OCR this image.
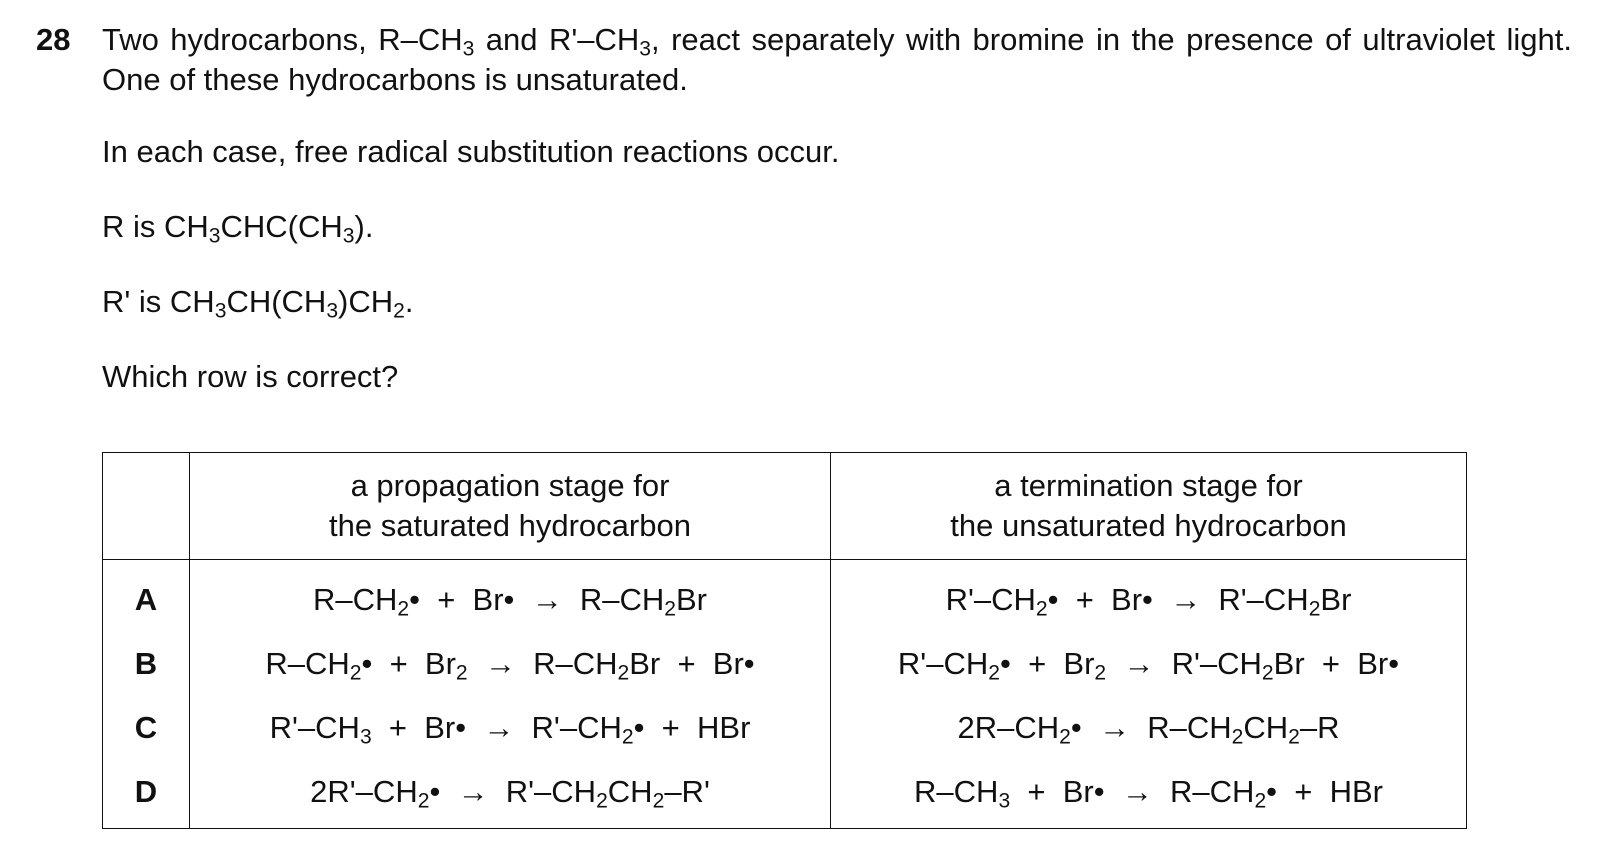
28 Two hydrocarbons, $R-CH_3$ and $R'-CH_3$, react separately with bromine in the presence of ultraviolet light. One of these hydrocarbons is unsaturated.
In each case, free radical substitution reactions occur.
R is $CH_3CHC(CH_3)$.
R' is $CH_3CH(CH_3)CH_2$.
Which row is correct?

	a propagation stage for
the saturated hydrocarbon	a termination stage for
the unsaturated hydrocarbon

A	$R-CH_2•$  +  Br•  →  $R-CH_2Br$	$R'-CH_2•$  +  Br•  →  $R'-CH_2Br$
B	$R-CH_2• + Br_2 \to R-CH_2Br$  +  Br•	$R'-CH_2• + Br_2 \to R'-CH_2Br$  +  Br•
C	$R'-CH_3$  +  Br•  →  $R'-CH_2•$  +  HBr	$2R-CH_2• \to R-CH_2CH_2-R$
D	$2R'-CH_2• \to R'-CH_2CH_2-R'$	$R-CH_3$  +  Br•  →  $R-CH_2•$  +  HBr
